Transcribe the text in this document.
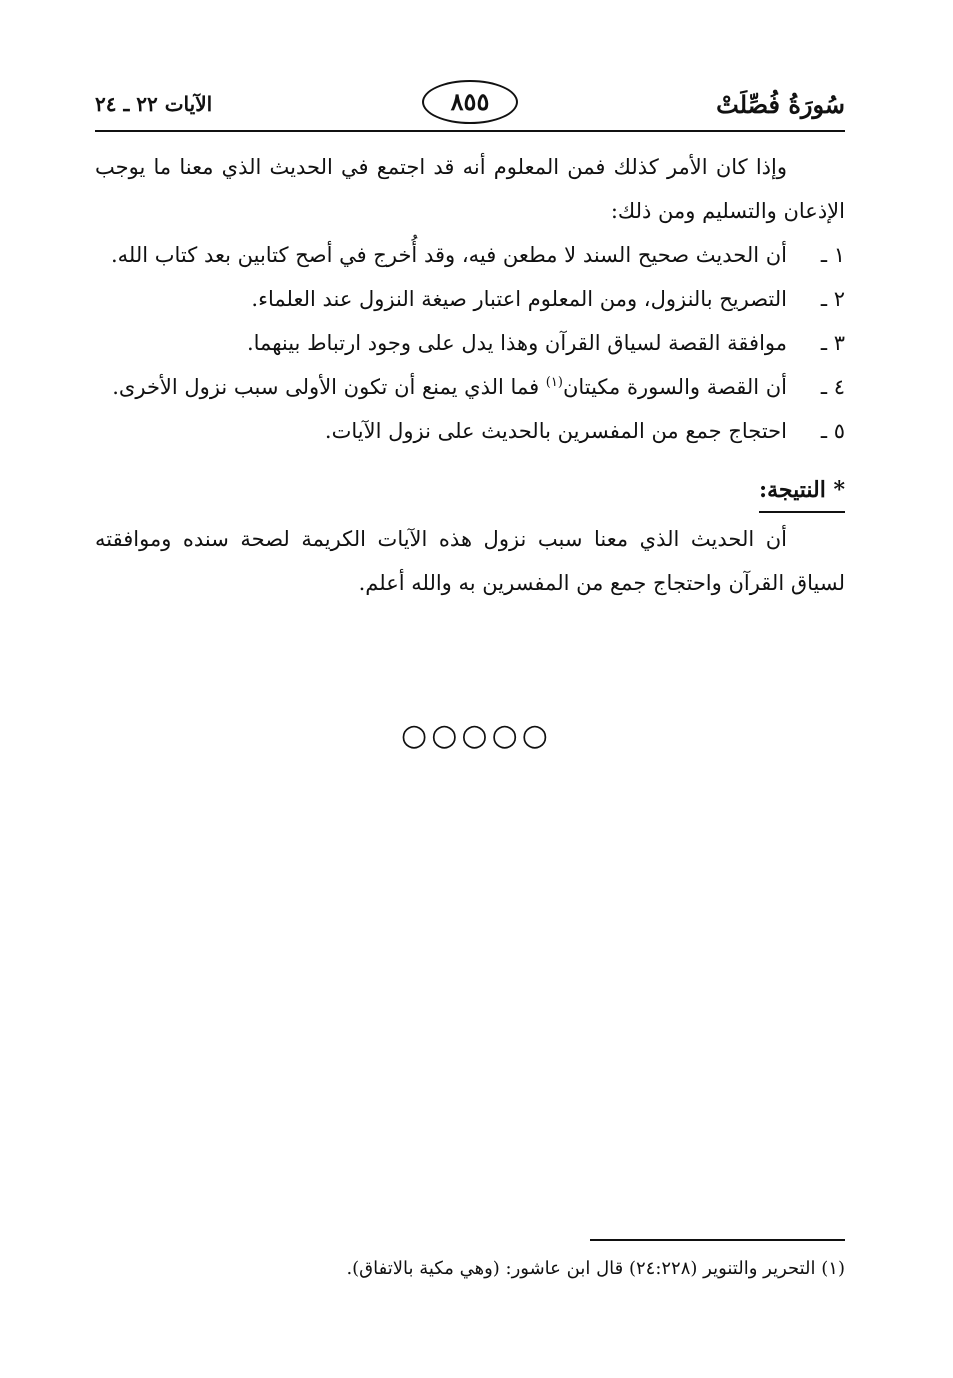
سُورَةُ فُصِّلَتْ
٨٥٥
الآيات ٢٢ ـ ٢٤

وإذا كان الأمر كذلك فمن المعلوم أنه قد اجتمع في الحديث الذي معنا ما يوجب الإذعان والتسليم ومن ذلك:

١ ـ
أن الحديث صحيح السند لا مطعن فيه، وقد أُخرج في أصح كتابين بعد كتاب الله.
٢ ـ
التصريح بالنزول، ومن المعلوم اعتبار صيغة النزول عند العلماء.
٣ ـ
موافقة القصة لسياق القرآن وهذا يدل على وجود ارتباط بينهما.
٤ ـ
أن القصة والسورة مكيتان$^{(١)}$ فما الذي يمنع أن تكون الأولى سبب نزول الأخرى.
٥ ـ
احتجاج جمع من المفسرين بالحديث على نزول الآيات.
* النتيجة:

أن الحديث الذي معنا سبب نزول هذه الآيات الكريمة لصحة سنده وموافقته لسياق القرآن واحتجاج جمع من المفسرين به والله أعلم.

○○○○○
(١) التحرير والتنوير (٢٤:٢٢٨) قال ابن عاشور: (وهي مكية بالاتفاق).
